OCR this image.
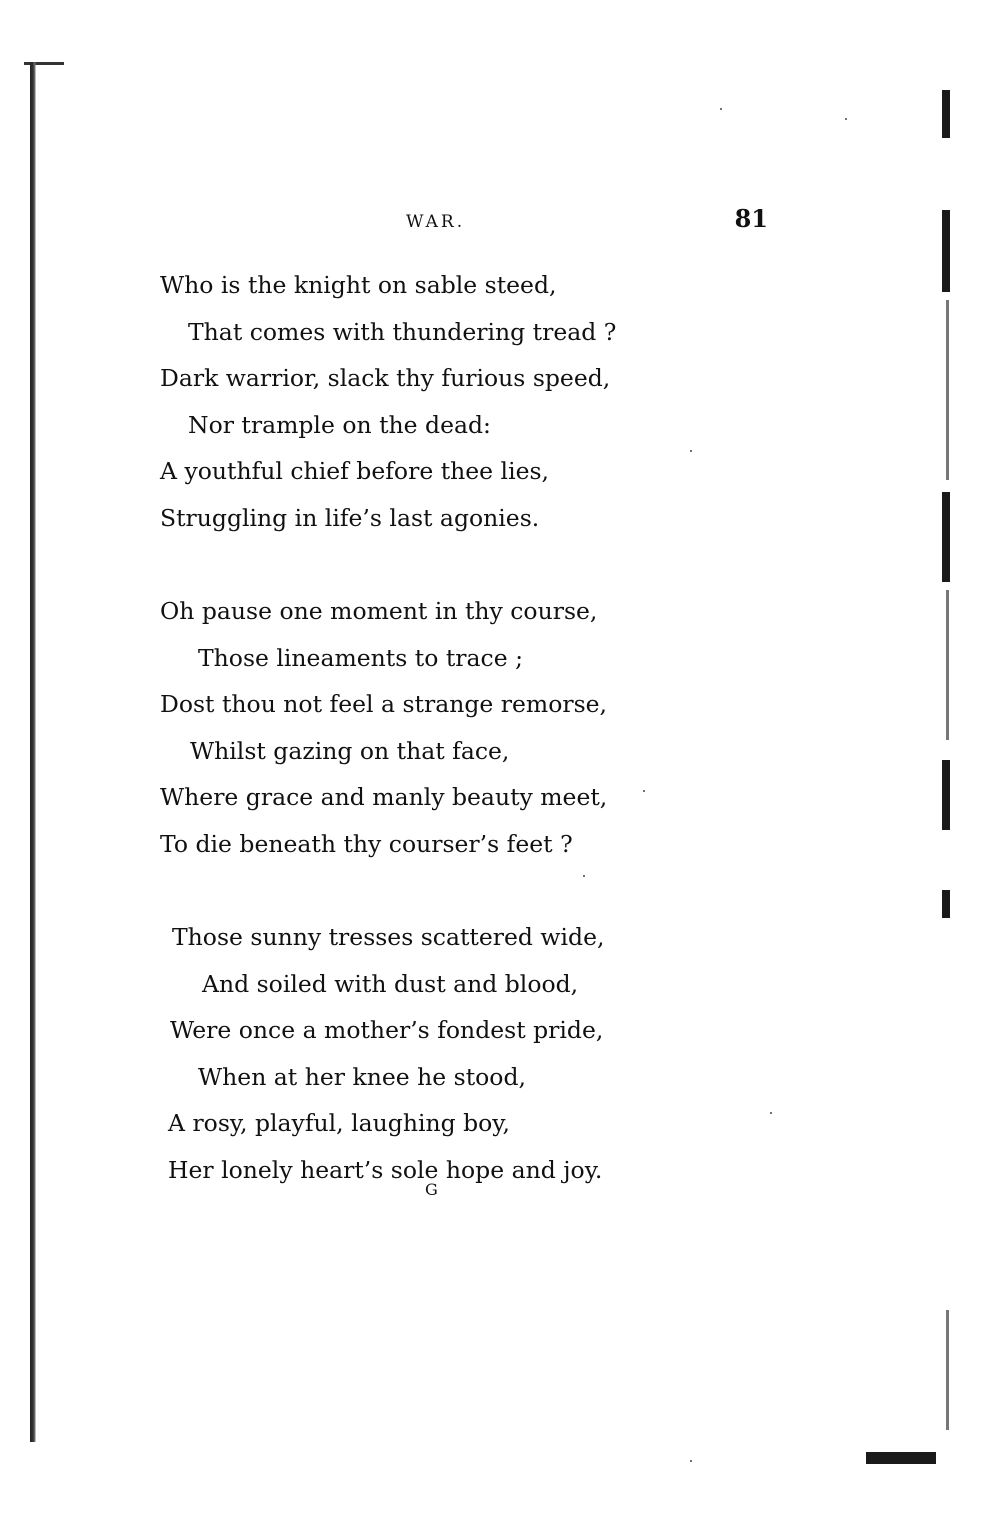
WAR.	81
Who is the knight on sable steed,
That comes with thundering tread ?
Dark warrior, slack thy furious speed,
Nor trample on the dead:
A youthful chief before thee lies,
Struggling in life’s last agonies.
Oh pause one moment in thy course,
Those lineaments to trace ;
Dost thou not feel a strange remorse,
Whilst gazing on that face,
Where grace and manly beauty meet,
To die beneath thy courser’s feet ?
Those sunny tresses scattered wide,
And soiled with dust and blood,
Were once a mother’s fondest pride,
When at her knee he stood,
A rosy, playful, laughing boy,
Her lonely heart’s sole hope and joy.
G
